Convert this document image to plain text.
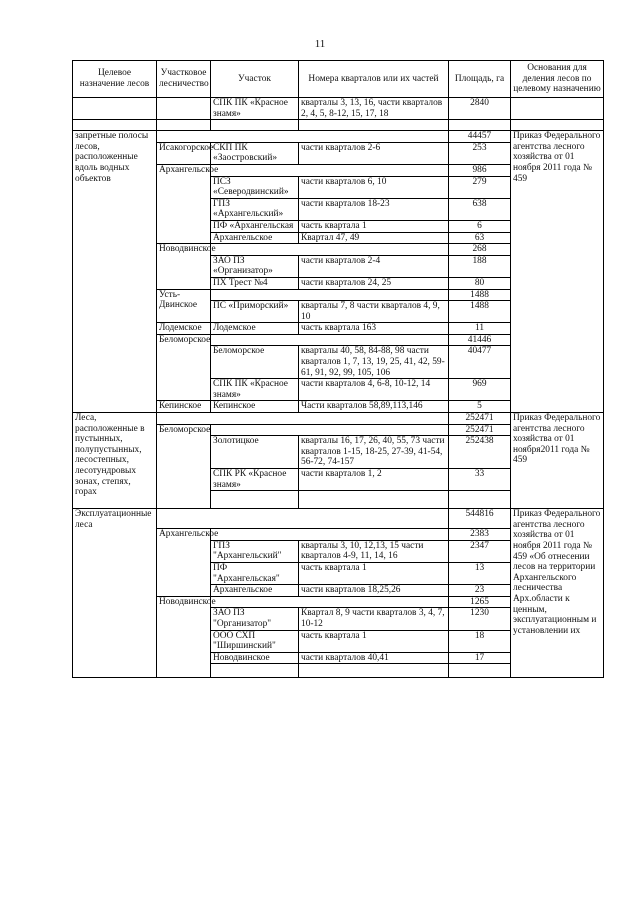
11
Целевое назначение лесов	Участковое лесничество	Участок	Номера кварталов или их частей	Площадь, га	Основания для деления лесов по целевому назначению
		СПК ПК «Красное знамя»	кварталы 3, 13, 16, части кварталов 2, 4, 5, 8-12, 15, 17, 18	2840	

запретные полосы лесов, расположенные вдоль водных объектов				44457	Приказ Федерального агентства лесного хозяйства от 01 ноября 2011 года № 459
	Исакогорское	СКП ПК «Заостровский»	части кварталов 2-6	253	
	Архангельское			986	
		ПСЗ «Северодвинский»	части кварталов 6, 10	279	
		ГПЗ «Архангельский»	части кварталов 18-23	638	
		ПФ «Архангельская	часть квартала 1	6	
		Архангельское	Квартал 47, 49	63	
	Новодвинское			268	
		ЗАО ПЗ «Организатор»	части кварталов 2-4	188	
		ПХ Трест №4	части кварталов 24, 25	80	
	Усть-Двинское			1488	
		ПС «Приморский»	кварталы 7, 8 части кварталов 4, 9, 10	1488	
	Лодемское	Лодемское	часть квартала 163	11	
	Беломорское			41446	
		Беломорское	кварталы 40, 58, 84-88, 98 части кварталов 1, 7, 13, 19, 25, 41, 42, 59-61, 91, 92, 99, 105, 106	40477	
		СПК ПК «Красное знамя»	части кварталов 4, 6-8, 10-12, 14	969	
	Кепинское	Кепинское	Части кварталов 58,89,113,146	5	
Леса, расположенные в пустынных, полупустынных, лесостепных, лесотундровых зонах, степях, горах				252471	Приказ Федерального агентства лесного хозяйства от 01 ноября2011 года № 459
	Беломорское			252471	
		Золотицкое	кварталы 16, 17, 26, 40, 55, 73 части кварталов 1-15, 18-25, 27-39, 41-54, 56-72, 74-157	252438	
		СПК РК «Красное знамя»	части кварталов 1, 2	33	

Эксплуатационные леса				544816	Приказ Федерального агентства лесного хозяйства от 01 ноября 2011 года № 459 «Об отнесении лесов на территории Архангельского лесничества Арх.области к ценным, эксплуатационным и установлении их
	Архангельское			2383	
		ГПЗ "Архангельский"	кварталы 3, 10, 12,13, 15 части кварталов 4-9, 11, 14, 16	2347	
		ПФ "Архангельская"	часть квартала 1	13	
		Архангельское	части кварталов 18,25,26	23	
	Новодвинское			1265	
		ЗАО ПЗ "Организатор"	Квартал 8, 9 части кварталов 3, 4, 7, 10-12	1230	
		ООО СХП "Ширшинский"	часть квартала 1	18	
		Новодвинское	части кварталов 40,41	17	
